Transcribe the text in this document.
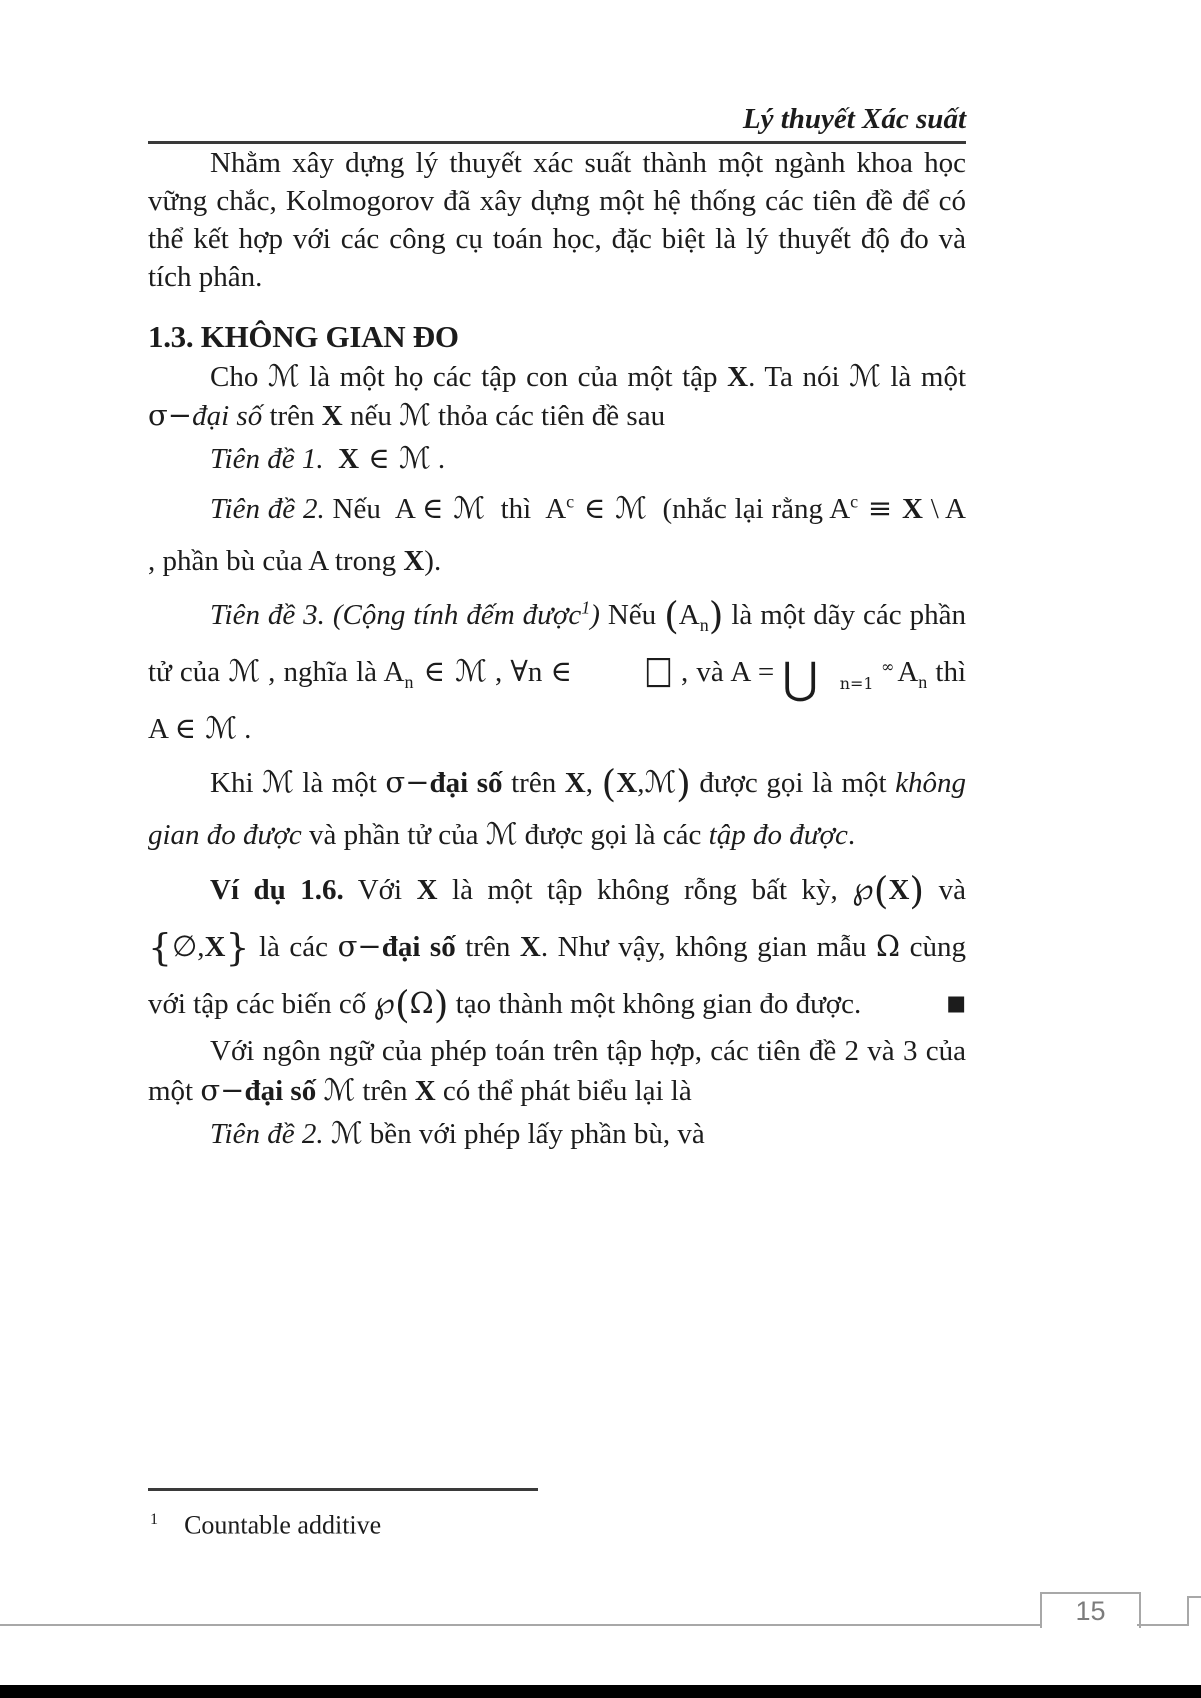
Lý thuyết Xác suất

Nhằm xây dựng lý thuyết xác suất thành một ngành khoa học vững chắc, Kolmogorov đã xây dựng một hệ thống các tiên đề để có thể kết hợp với các công cụ toán học, đặc biệt là lý thuyết độ đo và tích phân.

1.3. KHÔNG GIAN ĐO

Cho ℳ là một họ các tập con của một tập X. Ta nói ℳ là một σ−đại số trên X nếu ℳ thỏa các tiên đề sau

Tiên đề 1. X ∈ ℳ .

Tiên đề 2. Nếu  A ∈ ℳ  thì  $A^c$ ∈ ℳ  (nhắc lại rằng $A^c \equiv X$ \ A , phần bù của A trong X).

Tiên đề 3. (Cộng tính đếm được$^1$) Nếu $(A_n)$ là một dãy các phần tử của ℳ , nghĩa là $A_n$ ∈ ℳ , ∀n ∈ □ , và A = ⋃	∞
n=1 $A_n$ thì A ∈ ℳ .

Khi ℳ là một σ−đại số trên X, (X,ℳ) được gọi là một không gian đo được và phần tử của ℳ được gọi là các tập đo được.

Ví dụ 1.6. Với X là một tập không rỗng bất kỳ, ℘(X) và {∅,X} là các σ−đại số trên X. Như vậy, không gian mẫu Ω cùng với tập các biến cố ℘(Ω) tạo thành một không gian đo được.	■

Với ngôn ngữ của phép toán trên tập hợp, các tiên đề 2 và 3 của một σ−đại số ℳ trên X có thể phát biểu lại là

Tiên đề 2. ℳ bền với phép lấy phần bù, và

$^1$ Countable additive
15
